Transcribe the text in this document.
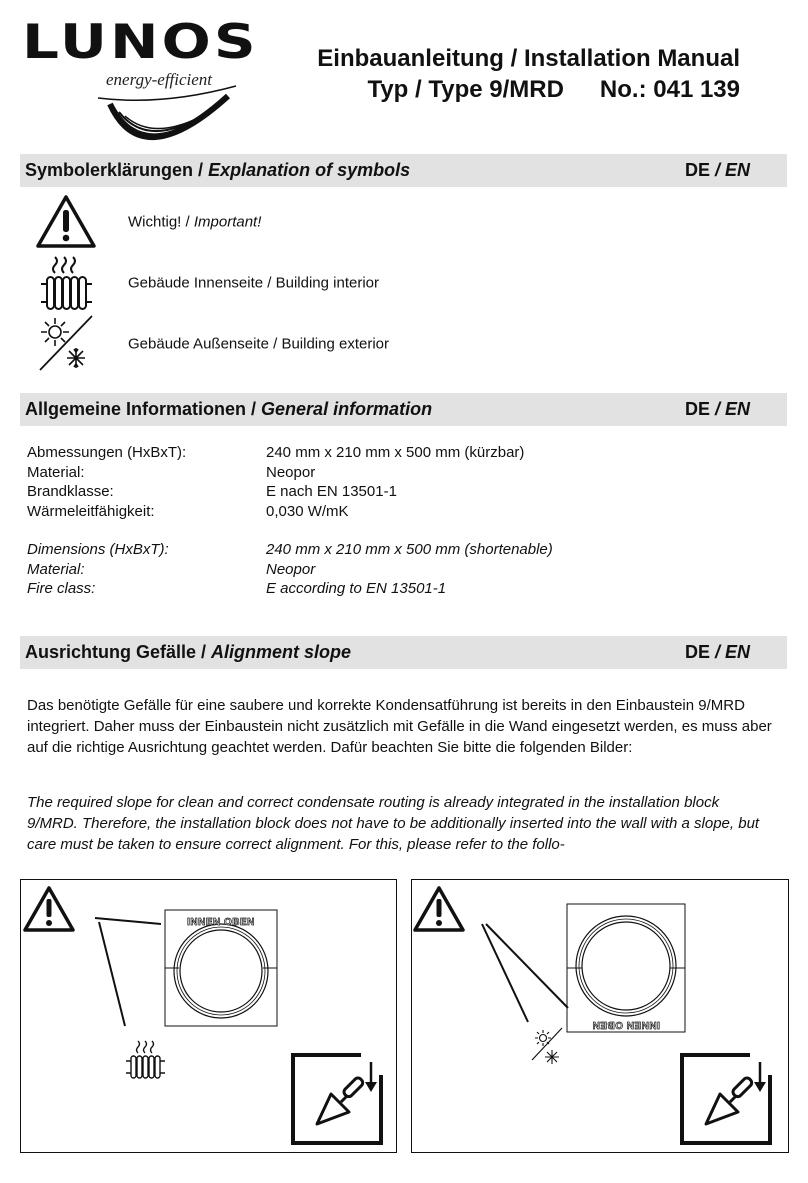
LUNOS
energy-efficient
Einbauanleitung / Installation Manual
Typ / Type 9/MRD No.: 041 139
Symbolerklärungen / Explanation of symbols	DE / EN
Wichtig! / Important!
Gebäude Innenseite / Building interior
Gebäude Außenseite / Building exterior
Allgemeine Informationen / General information	DE / EN
Abmessungen (HxBxT):	240 mm x 210 mm x 500 mm (kürzbar)
Material:	Neopor
Brandklasse:	E nach EN 13501-1
Wärmeleitfähigkeit:	0,030 W/mK
Dimensions (HxBxT):	240 mm x 210 mm x 500 mm (shortenable)
Material:	Neopor
Fire class:	E according to EN 13501-1
Ausrichtung Gefälle / Alignment slope	DE / EN
Das benötigte Gefälle für eine saubere und korrekte Kondensatführung ist bereits in den Einbaustein 9/MRD integriert. Daher muss der Einbaustein nicht zusätzlich mit Gefälle in die Wand eingesetzt werden, es muss aber auf die richtige Ausrichtung geachtet werden. Dafür beachten Sie bitte die folgenden Bilder:
The required slope for clean and correct condensate routing is already integrated in the installation block 9/MRD. Therefore, the installation block does not have to be additionally inserted into the wall with a slope, but care must be taken to ensure correct alignment. For this, please refer to the follo-
INNEN OBEN
INNEN OBEN
